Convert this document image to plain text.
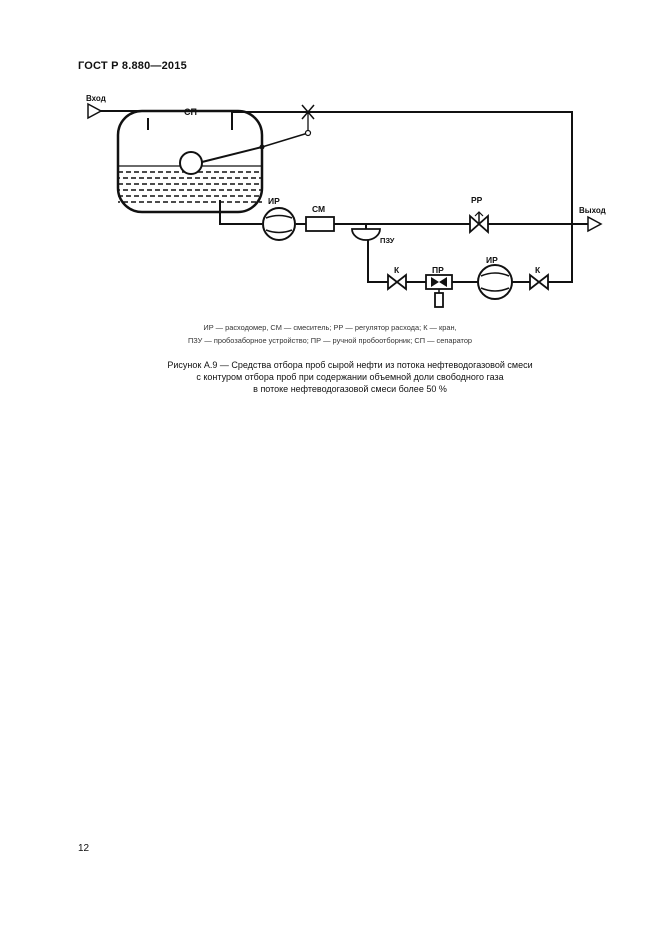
ГОСТ Р 8.880—2015
Вход
СП
ИР
СМ
ПЗУ
РР
Выход
К	ПР
ИР
К
ИР — расходомер, СМ — смеситель; РР — регулятор расхода; К — кран,
ПЗУ — пробозаборное устройство; ПР — ручной пробоотборник; СП — сепаратор
Рисунок А.9 — Средства отбора проб сырой нефти из потока нефтеводогазовой смеси
с контуром отбора проб при содержании объемной доли свободного газа
в потоке нефтеводогазовой смеси более 50 %
12
